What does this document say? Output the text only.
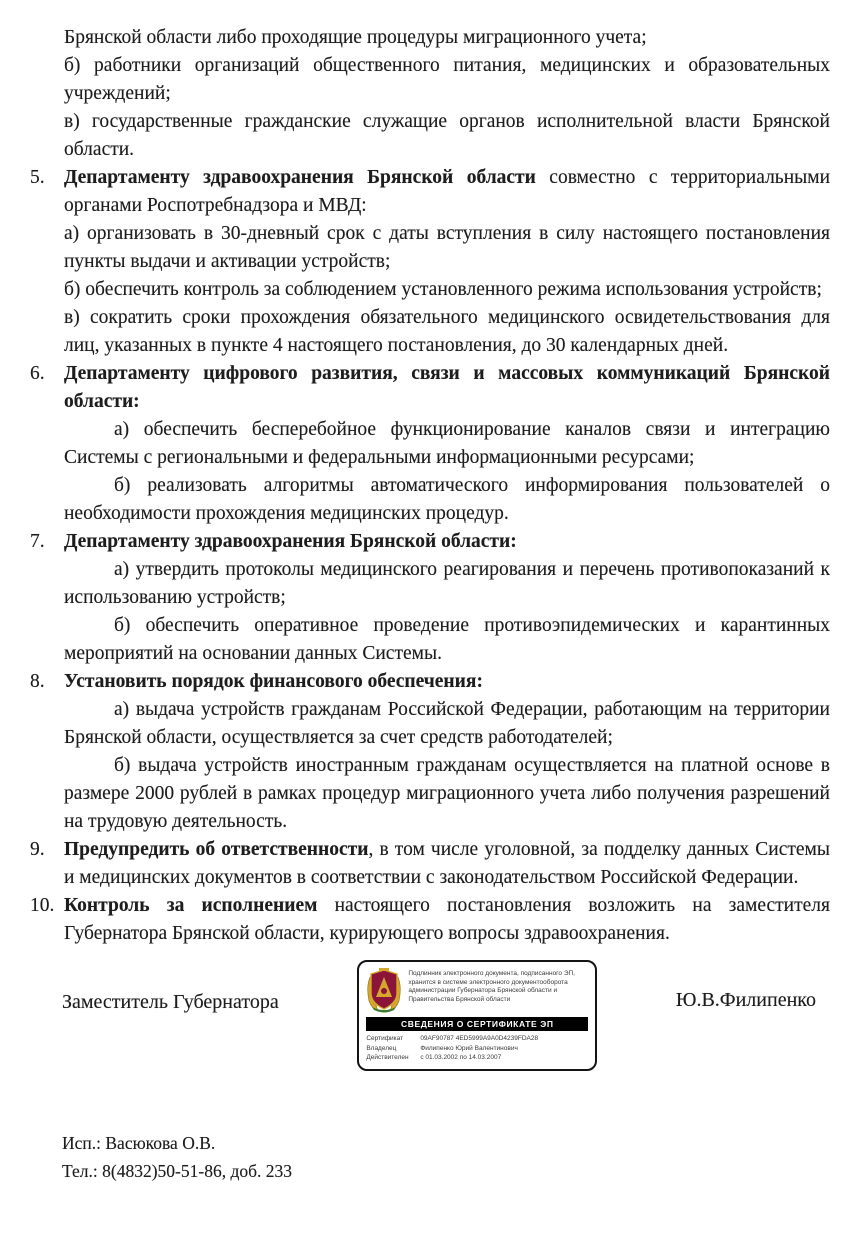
Брянской области либо проходящие процедуры миграционного учета;

б) работники организаций общественного питания, медицинских и образовательных учреждений;

в) государственные гражданские служащие органов исполнительной власти Брянской области.

5. Департаменту здравоохранения Брянской области совместно с территориальными органами Роспотребнадзора и МВД:

а) организовать в 30-дневный срок с даты вступления в силу настоящего постановления пункты выдачи и активации устройств;

б) обеспечить контроль за соблюдением установленного режима использования устройств;

в) сократить сроки прохождения обязательного медицинского освидетельствования для лиц, указанных в пункте 4 настоящего постановления, до 30 календарных дней.

6. Департаменту цифрового развития, связи и массовых коммуникаций Брянской области:

а) обеспечить бесперебойное функционирование каналов связи и интеграцию Системы с региональными и федеральными информационными ресурсами;

б) реализовать алгоритмы автоматического информирования пользователей о необходимости прохождения медицинских процедур.

7. Департаменту здравоохранения Брянской области:

а) утвердить протоколы медицинского реагирования и перечень противопоказаний к использованию устройств;

б) обеспечить оперативное проведение противоэпидемических и карантинных мероприятий на основании данных Системы.

8. Установить порядок финансового обеспечения:

а) выдача устройств гражданам Российской Федерации, работающим на территории Брянской области, осуществляется за счет средств работодателей;

б) выдача устройств иностранным гражданам осуществляется на платной основе в размере 2000 рублей в рамках процедур миграционного учета либо получения разрешений на трудовую деятельность.

9. Предупредить об ответственности, в том числе уголовной, за подделку данных Системы и медицинских документов в соответствии с законодательством Российской Федерации.

10. Контроль за исполнением настоящего постановления возложить на заместителя Губернатора Брянской области, курирующего вопросы здравоохранения.

Заместитель Губернатора
Подлинник электронного документа, подписанного ЭП, хранится в системе электронного документооборота администрации Губернатора Брянской области и Правительства Брянской области
СВЕДЕНИЯ О СЕРТИФИКАТЕ ЭП
Сертификат	09AF90787 4ED5999A9A0D4239FDA28
Владелец	Филипенко Юрий Валентинович
Действителен	с 01.03.2002 по 14.03.2007
Ю.В.Филипенко

Исп.: Васюкова О.В.

Тел.: 8(4832)50-51-86, доб. 233
